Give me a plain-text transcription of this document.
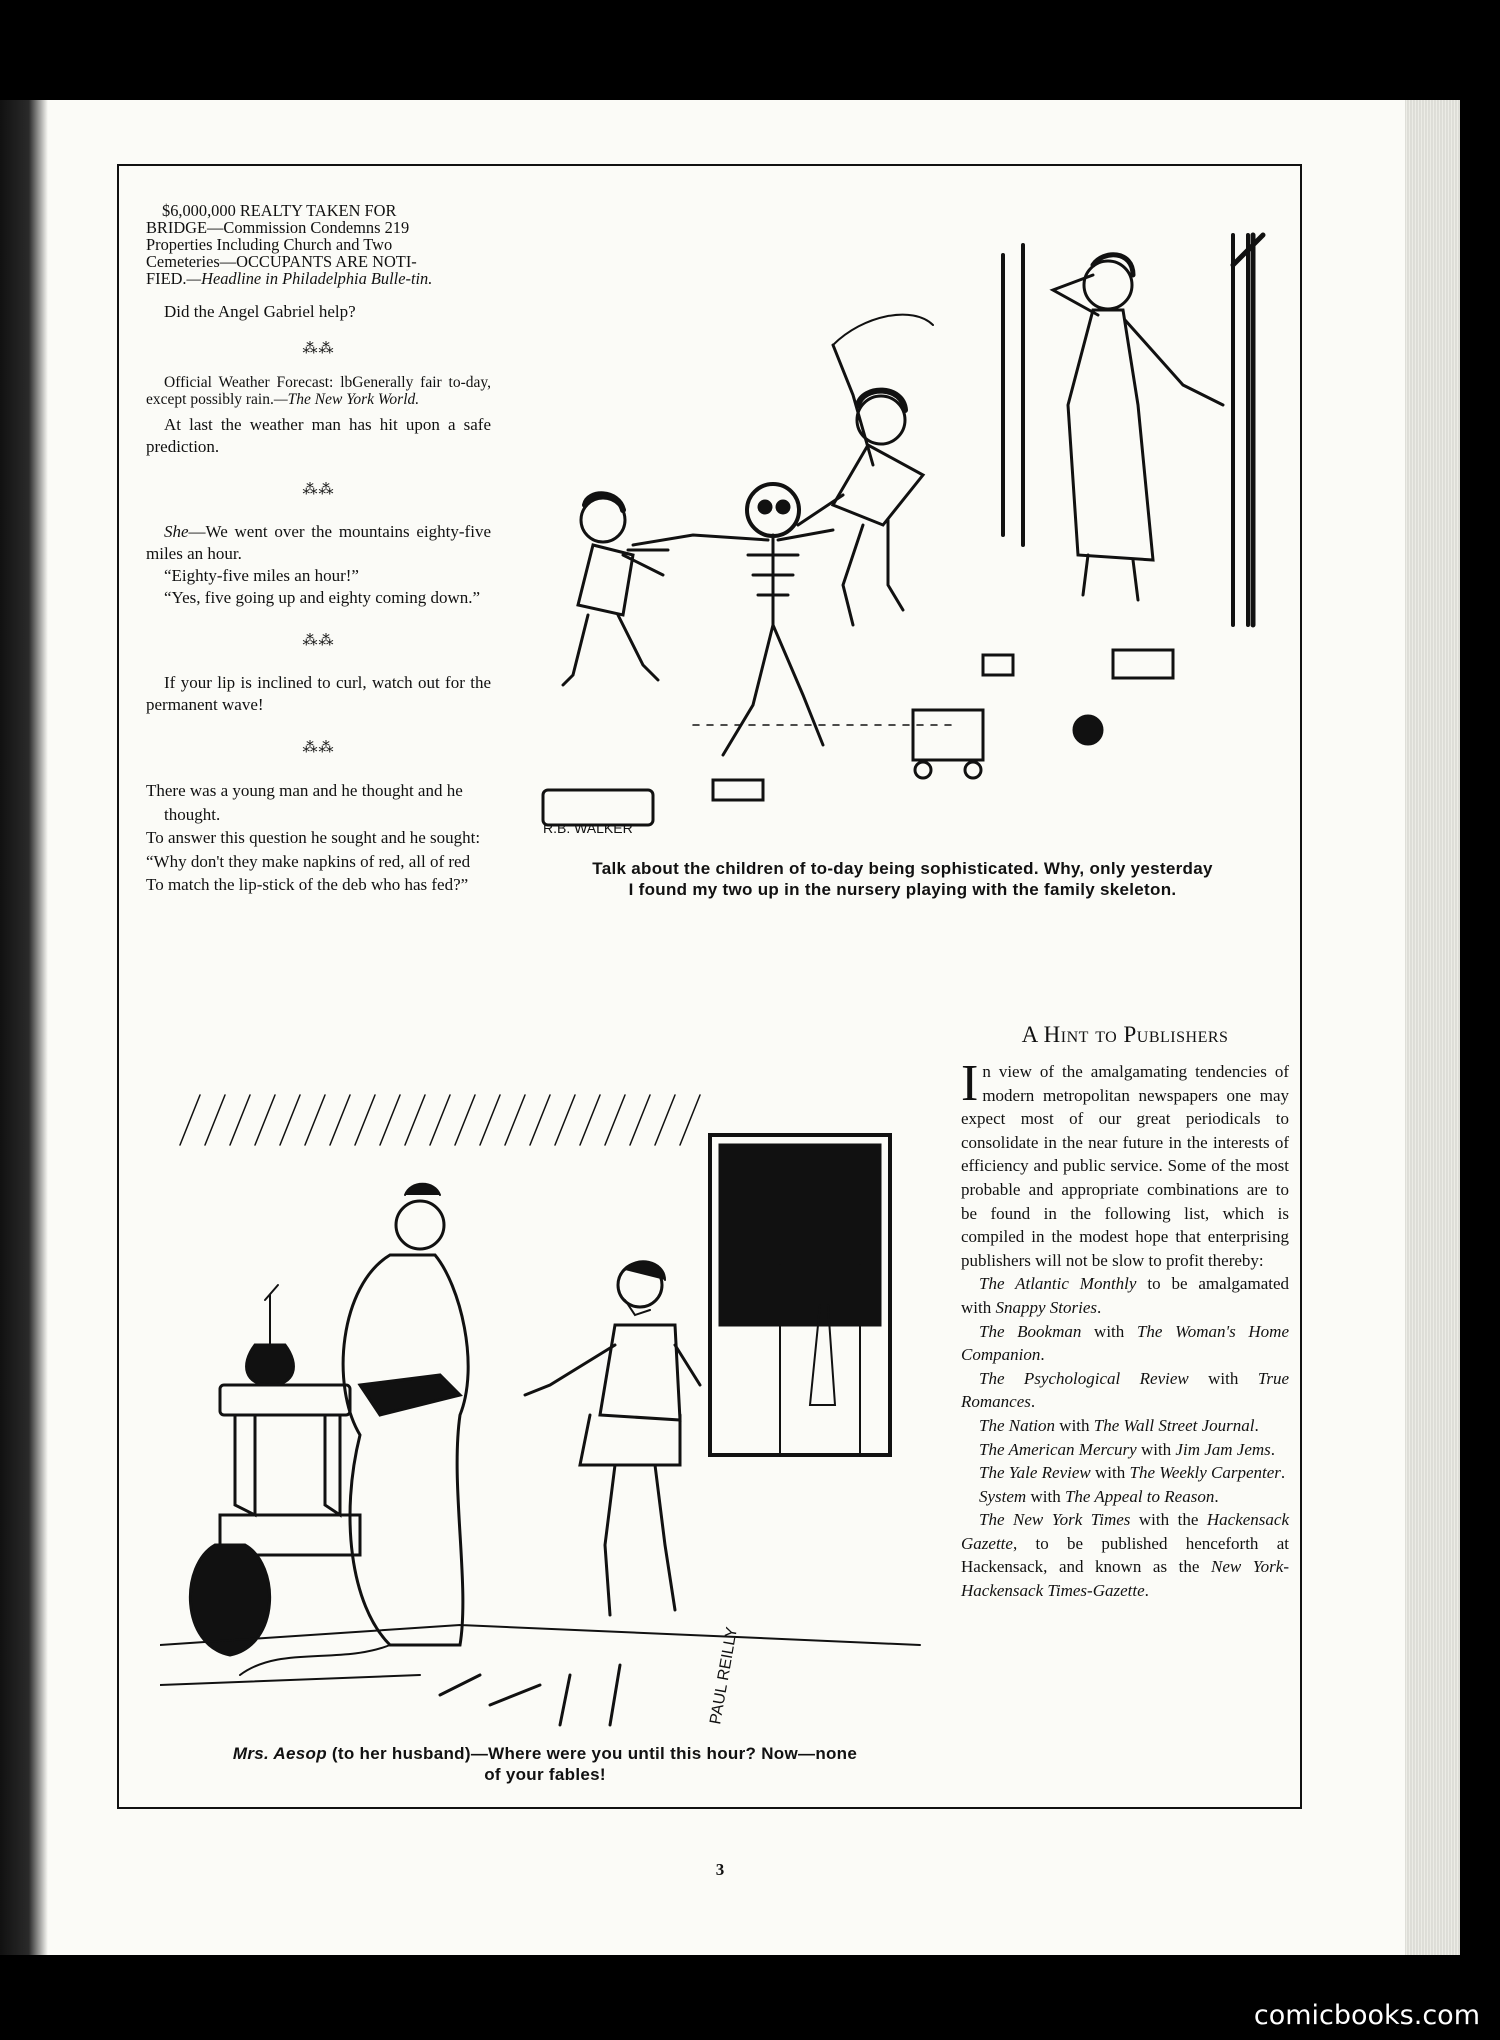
$6,000,000 REALTY TAKEN FOR
BRIDGE—Commission Condemns 219
Properties Including Church and Two
Cemeteries—OCCUPANTS ARE NOTI-
FIED.—Headline in Philadelphia Bulle-tin.

Did the Angel Gabriel help?

⁂⁂

Official Weather Forecast: lbGenerally fair to-day, except possibly rain.—The New York World.

At last the weather man has hit upon a safe prediction.

⁂⁂

She—We went over the mountains eighty-five miles an hour.

“Eighty-five miles an hour!”

“Yes, five going up and eighty coming down.”

⁂⁂

If your lip is inclined to curl, watch out for the permanent wave!

⁂⁂
There was a young man and he thought and he thought.
To answer this question he sought and he sought:
“Why don't they make napkins of red, all of red
To match the lip-stick of the deb who has fed?”
R.B. WALKER
Talk about the children of to-day being sophisticated. Why, only yesterday
I found my two up in the nursery playing with the family skeleton.
A Hint to Publishers
In view of the amalgamating tendencies of modern metropolitan newspapers one may expect most of our great periodicals to consolidate in the near future in the interests of efficiency and public service. Some of the most probable and appropriate combinations are to be found in the following list, which is compiled in the modest hope that enterprising publishers will not be slow to profit thereby:

The Atlantic Monthly to be amalgamated with Snappy Stories.

The Bookman with The Woman's Home Companion.

The Psychological Review with True Romances.

The Nation with The Wall Street Journal.

The American Mercury with Jim Jam Jems.

The Yale Review with The Weekly Carpenter.

System with The Appeal to Reason.

The New York Times with the Hackensack Gazette, to be published henceforth at Hackensack, and known as the New York-Hackensack Times-Gazette.

PAUL REILLY
Mrs. Aesop (to her husband)—Where were you until this hour? Now—none
of your fables!
3
comicbooks.com
